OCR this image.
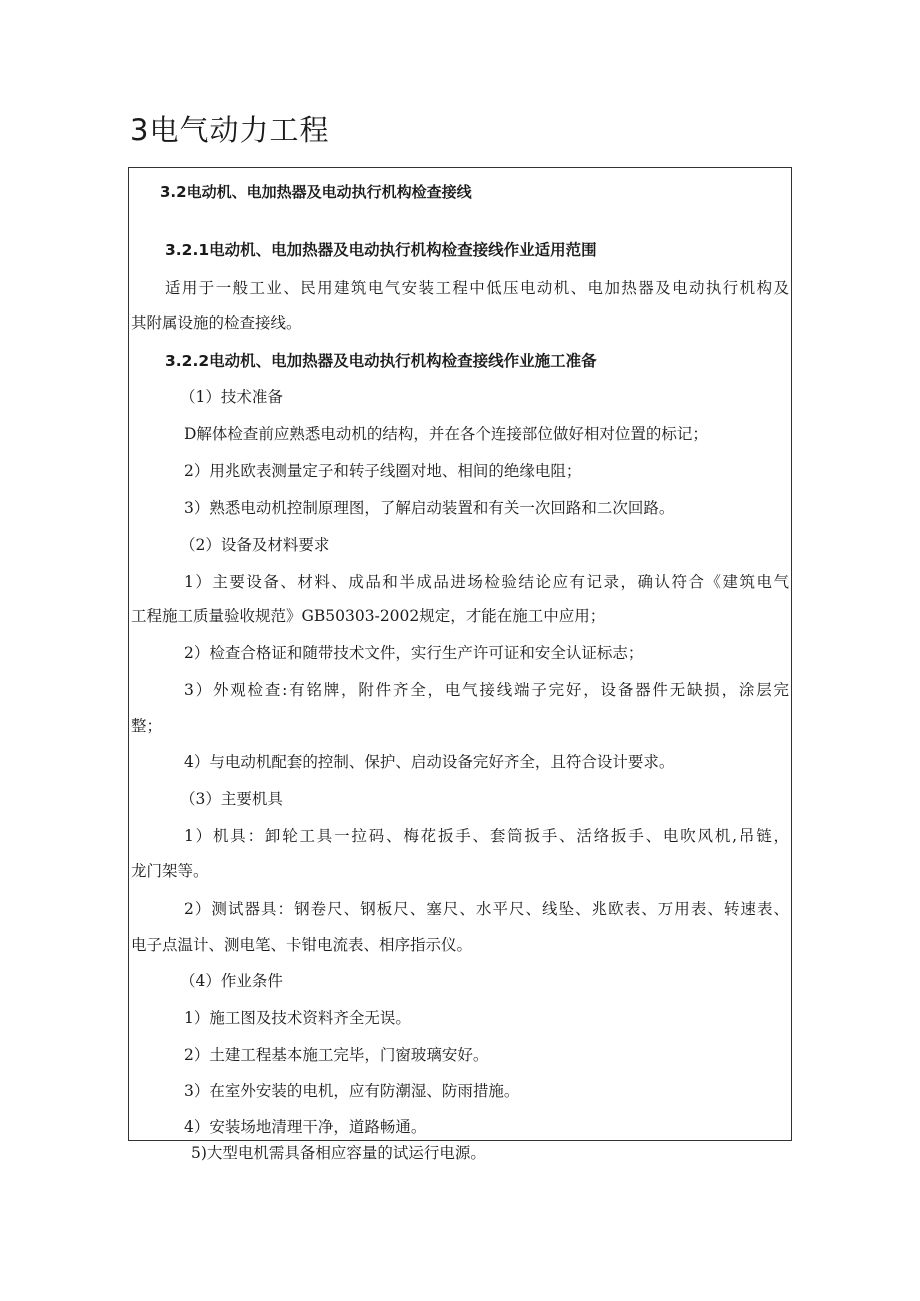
3电气动力工程
3.2电动机、电加热器及电动执行机构检查接线
3.2.1电动机、电加热器及电动执行机构检查接线作业适用范围
适用于一般工业、民用建筑电气安装工程中低压电动机、电加热器及电动执行机构及
其附属设施的检查接线。
3.2.2电动机、电加热器及电动执行机构检查接线作业施工准备
（1）技术准备
D解体检查前应熟悉电动机的结构，并在各个连接部位做好相对位置的标记；
2）用兆欧表测量定子和转子线圈对地、相间的绝缘电阻；
3）熟悉电动机控制原理图，了解启动装置和有关一次回路和二次回路。
（2）设备及材料要求
1）主要设备、材料、成品和半成品进场检验结论应有记录，确认符合《建筑电气
工程施工质量验收规范》GB50303-2002规定，才能在施工中应用；
2）检查合格证和随带技术文件，实行生产许可证和安全认证标志；
3）外观检查:有铭牌，附件齐全，电气接线端子完好，设备器件无缺损，涂层完
整；
4）与电动机配套的控制、保护、启动设备完好齐全，且符合设计要求。
（3）主要机具
1）机具：卸轮工具一拉码、梅花扳手、套筒扳手、活络扳手、电吹风机,吊链，
龙门架等。
2）测试器具：钢卷尺、钢板尺、塞尺、水平尺、线坠、兆欧表、万用表、转速表、
电子点温计、测电笔、卡钳电流表、相序指示仪。
（4）作业条件
1）施工图及技术资料齐全无误。
2）土建工程基本施工完毕，门窗玻璃安好。
3）在室外安装的电机，应有防潮湿、防雨措施。
4）安装场地清理干净，道路畅通。
5)大型电机需具备相应容量的试运行电源。
